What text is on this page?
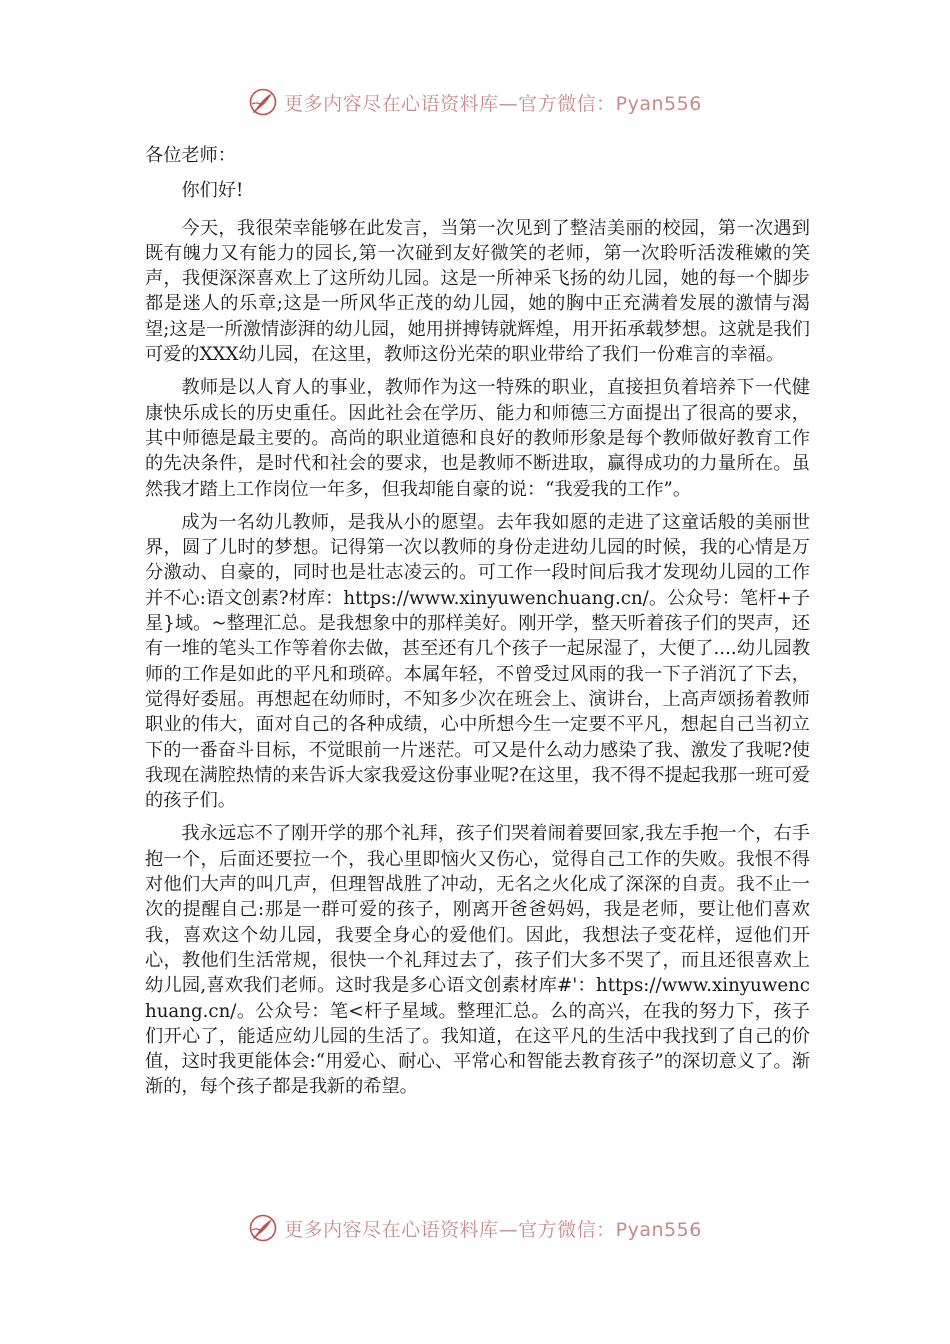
更多内容尽在心语资料库—官方微信：Pyan556

各位老师：

你们好!

今天，我很荣幸能够在此发言，当第一次见到了整洁美丽的校园，第一次遇到既有魄力又有能力的园长,第一次碰到友好微笑的老师，第一次聆听活泼稚嫩的笑声，我便深深喜欢上了这所幼儿园。这是一所神采飞扬的幼儿园，她的每一个脚步都是迷人的乐章;这是一所风华正茂的幼儿园，她的胸中正充满着发展的激情与渴望;这是一所激情澎湃的幼儿园，她用拼搏铸就辉煌，用开拓承载梦想。这就是我们可爱的XXX幼儿园，在这里，教师这份光荣的职业带给了我们一份难言的幸福。

教师是以人育人的事业，教师作为这一特殊的职业，直接担负着培养下一代健康快乐成长的历史重任。因此社会在学历、能力和师德三方面提出了很高的要求，其中师德是最主要的。高尚的职业道德和良好的教师形象是每个教师做好教育工作的先决条件，是时代和社会的要求，也是教师不断进取，赢得成功的力量所在。虽然我才踏上工作岗位一年多，但我却能自豪的说：“我爱我的工作”。

成为一名幼儿教师，是我从小的愿望。去年我如愿的走进了这童话般的美丽世界，圆了儿时的梦想。记得第一次以教师的身份走进幼儿园的时候，我的心情是万分激动、自豪的，同时也是壮志凌云的。可工作一段时间后我才发现幼儿园的工作并不心:语文创素?材库：https://www.xinyuwenchuang.cn/。公众号：笔杆+子星}域。~整理汇总。是我想象中的那样美好。刚开学，整天听着孩子们的哭声，还有一堆的笔头工作等着你去做，甚至还有几个孩子一起尿湿了，大便了....幼儿园教师的工作是如此的平凡和琐碎。本属年轻，不曾受过风雨的我一下子消沉了下去，觉得好委屈。再想起在幼师时，不知多少次在班会上、演讲台，上高声颂扬着教师职业的伟大，面对自己的各种成绩，心中所想今生一定要不平凡，想起自己当初立下的一番奋斗目标，不觉眼前一片迷茫。可又是什么动力感染了我、激发了我呢?使我现在满腔热情的来告诉大家我爱这份事业呢?在这里，我不得不提起我那一班可爱的孩子们。

我永远忘不了刚开学的那个礼拜，孩子们哭着闹着要回家,我左手抱一个，右手抱一个，后面还要拉一个，我心里即恼火又伤心，觉得自己工作的失败。我恨不得对他们大声的叫几声，但理智战胜了冲动，无名之火化成了深深的自责。我不止一次的提醒自己:那是一群可爱的孩子，刚离开爸爸妈妈，我是老师，要让他们喜欢我，喜欢这个幼儿园，我要全身心的爱他们。因此，我想法子变花样，逗他们开心，教他们生活常规，很快一个礼拜过去了，孩子们大多不哭了，而且还很喜欢上幼儿园,喜欢我们老师。这时我是多心语文创素材库#'：https://www.xinyuwenchuang.cn/。公众号：笔<杆子星域。整理汇总。么的高兴，在我的努力下，孩子们开心了，能适应幼儿园的生活了。我知道，在这平凡的生活中我找到了自己的价值，这时我更能体会:“用爱心、耐心、平常心和智能去教育孩子”的深切意义了。渐渐的，每个孩子都是我新的希望。

更多内容尽在心语资料库—官方微信：Pyan556
